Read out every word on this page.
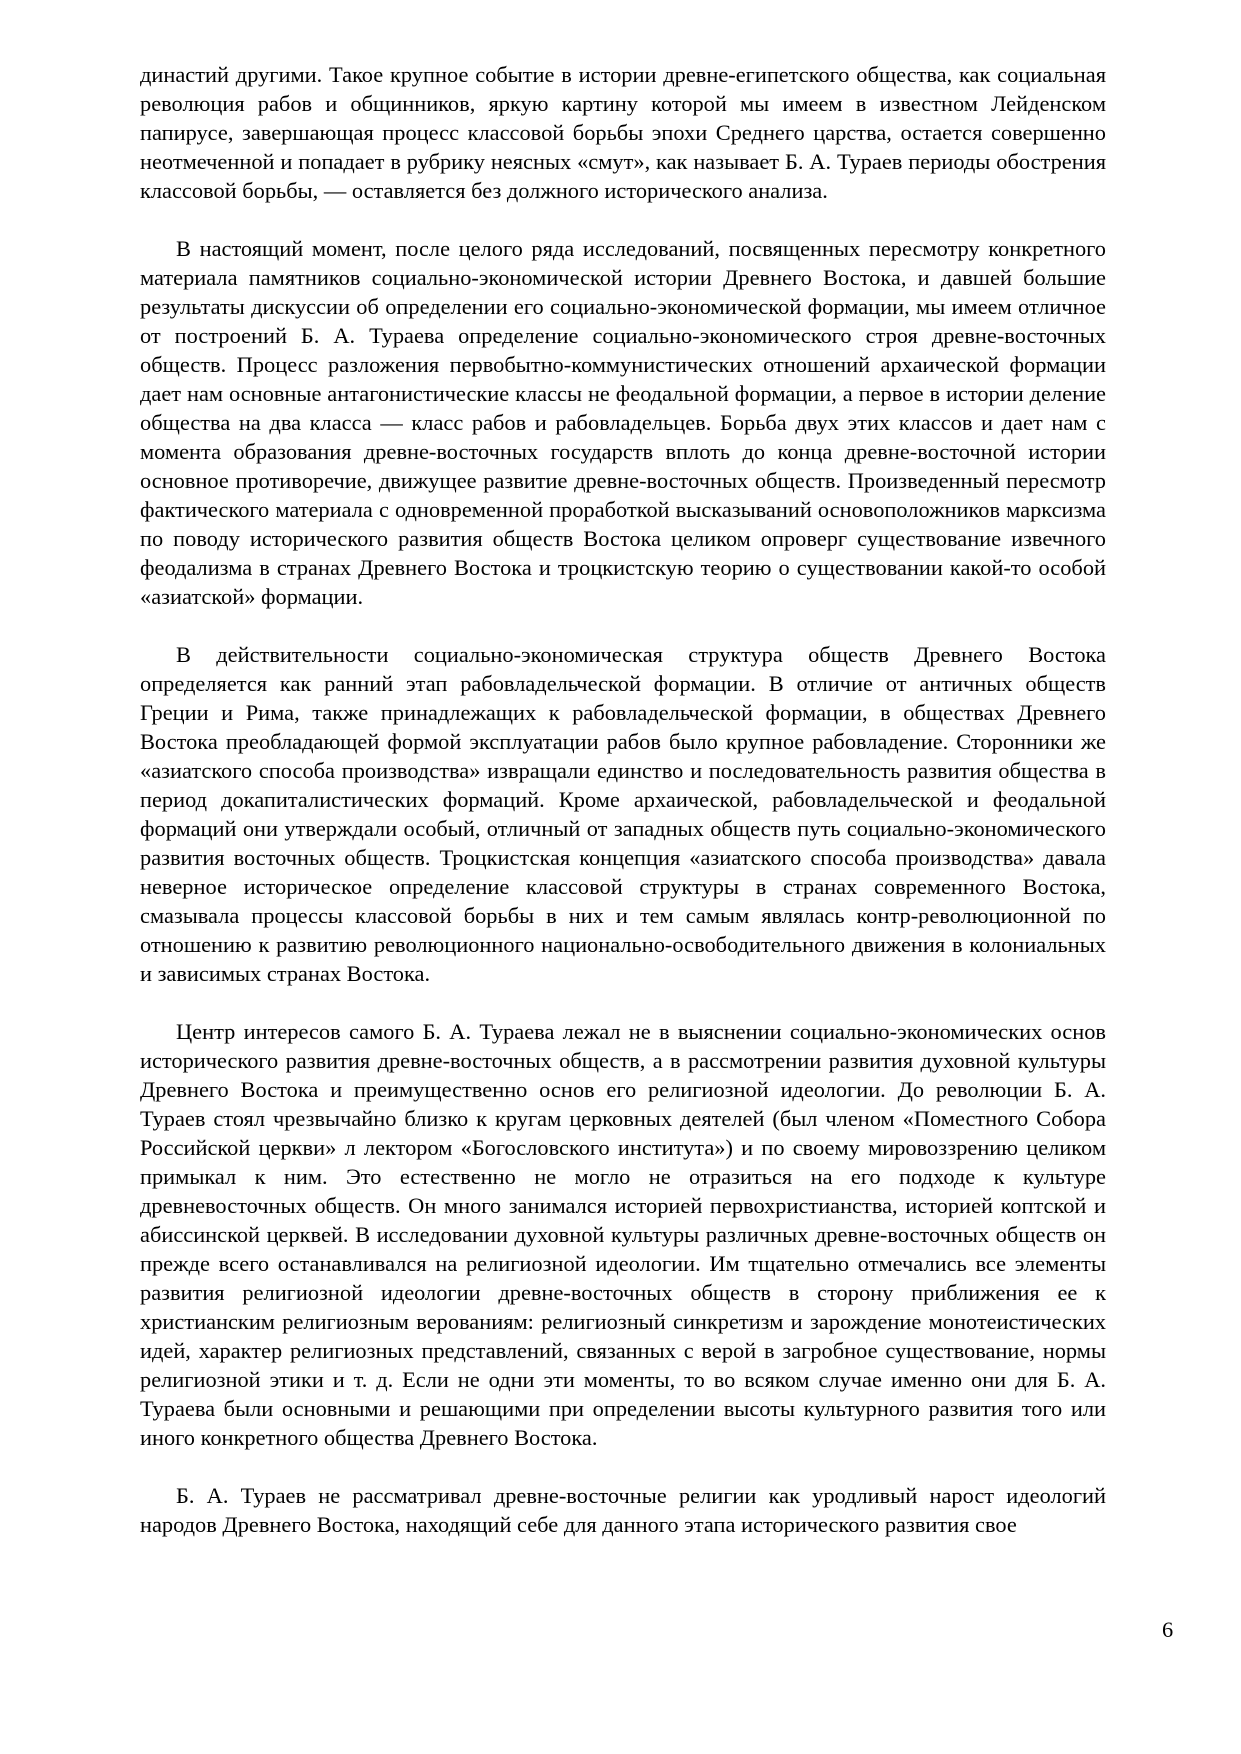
династий другими. Такое крупное событие в истории древне-египетского общества, как социальная революция рабов и общинников, яркую картину которой мы имеем в известном Лейденском папирусе, завершающая процесс классовой борьбы эпохи Среднего царства, остается совершенно неотмеченной и попадает в рубрику неясных «смут», как называет Б. А. Тураев периоды обострения классовой борьбы, — оставляется без должного исторического анализа.

В настоящий момент, после целого ряда исследований, посвященных пересмотру конкретного материала памятников социально-экономической истории Древнего Востока, и давшей большие результаты дискуссии об определении его социально-экономической формации, мы имеем отличное от построений Б. А. Тураева определение социально-экономического строя древне-восточных обществ. Процесс разложения первобытно-коммунистических отношений архаической формации дает нам основные антагонистические классы не феодальной формации, а первое в истории деление общества на два класса — класс рабов и рабовладельцев. Борьба двух этих классов и дает нам с момента образования древне-восточных государств вплоть до конца древне-восточной истории основное противоречие, движущее развитие древне-восточных обществ. Произведенный пересмотр фактического материала с одновременной проработкой высказываний основоположников марксизма по поводу исторического развития обществ Востока целиком опроверг существование извечного феодализма в странах Древнего Востока и троцкистскую теорию о существовании какой-то особой «азиатской» формации.

В действительности социально-экономическая структура обществ Древнего Востока определяется как ранний этап рабовладельческой формации. В отличие от античных обществ Греции и Рима, также принадлежащих к рабовладельческой формации, в обществах Древнего Востока преобладающей формой эксплуатации рабов было крупное рабовладение. Сторонники же «азиатского способа производства» извращали единство и последовательность развития общества в период докапиталистических формаций. Кроме архаической, рабовладельческой и феодальной формаций они утверждали особый, отличный от западных обществ путь социально-экономического развития восточных обществ. Троцкистская концепция «азиатского способа производства» давала неверное историческое определение классовой структуры в странах современного Востока, смазывала процессы классовой борьбы в них и тем самым являлась контр-революционной по отношению к развитию революционного национально-освободительного движения в колониальных и зависимых странах Востока.

Центр интересов самого Б. А. Тураева лежал не в выяснении социально-экономических основ исторического развития древне-восточных обществ, а в рассмотрении развития духовной культуры Древнего Востока и преимущественно основ его религиозной идеологии. До революции Б. А. Тураев стоял чрезвычайно близко к кругам церковных деятелей (был членом «Поместного Собора Российской церкви» л лектором «Богословского института») и по своему мировоззрению целиком примыкал к ним. Это естественно не могло не отразиться на его подходе к культуре древневосточных обществ. Он много занимался историей первохристианства, историей коптской и абиссинской церквей. В исследовании духовной культуры различных древне-восточных обществ он прежде всего останавливался на религиозной идеологии. Им тщательно отмечались все элементы развития религиозной идеологии древне-восточных обществ в сторону приближения ее к христианским религиозным верованиям: религиозный синкретизм и зарождение монотеистических идей, характер религиозных представлений, связанных с верой в загробное существование, нормы религиозной этики и т. д. Если не одни эти моменты, то во всяком случае именно они для Б. А. Тураева были основными и решающими при определении высоты культурного развития того или иного конкретного общества Древнего Востока.

Б. А. Тураев не рассматривал древне-восточные религии как уродливый нарост идеологий народов Древнего Востока, находящий себе для данного этапа исторического развития свое

6
